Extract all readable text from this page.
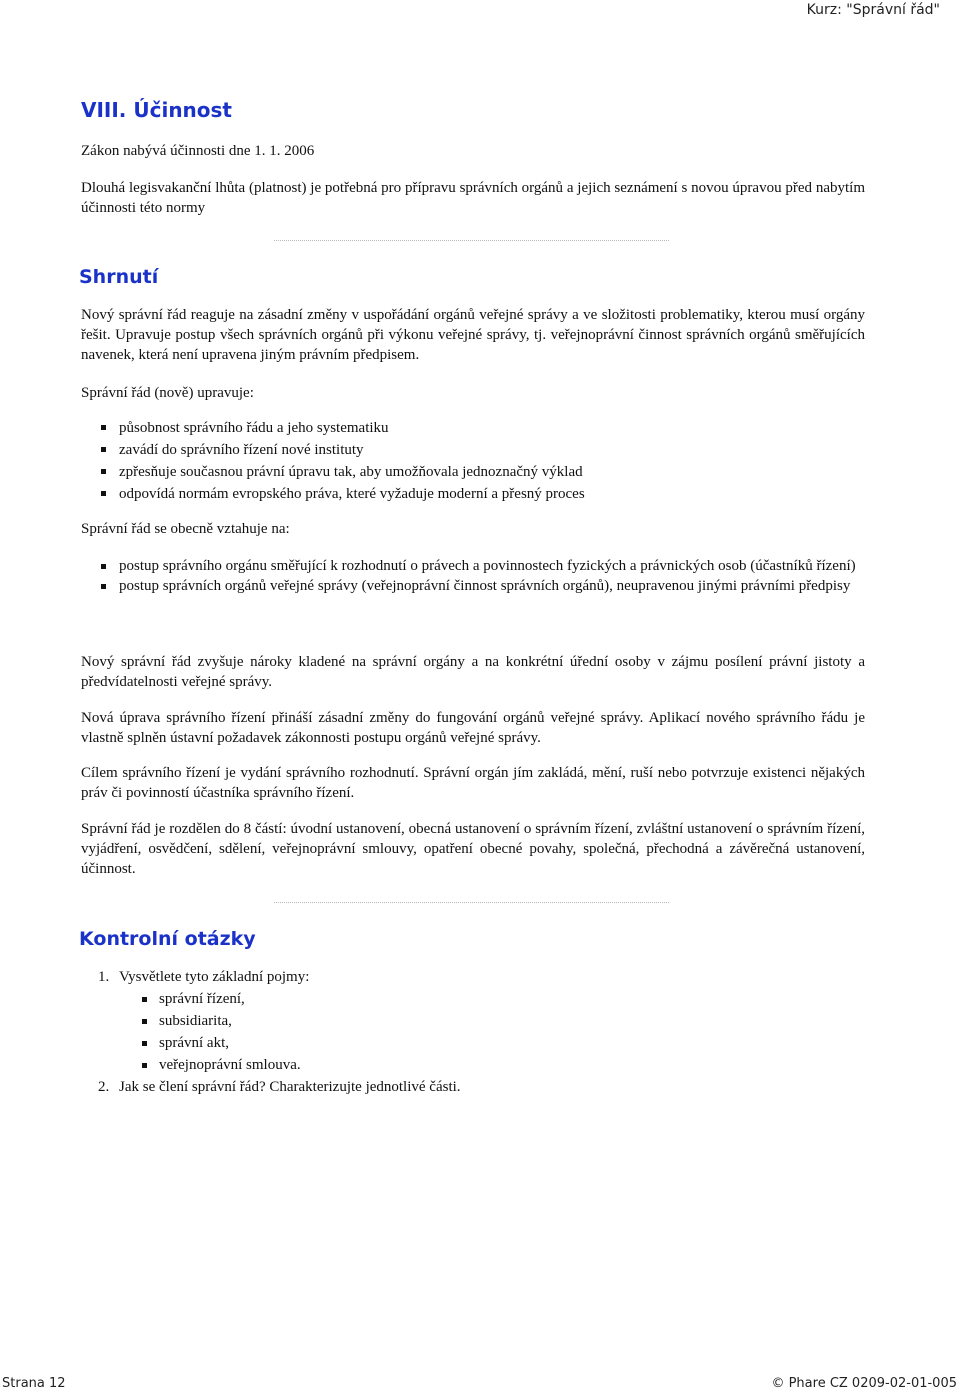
Kurz: "Správní řád"
VIII. Účinnost

Zákon nabývá účinnosti dne 1. 1. 2006

Dlouhá legisvakanční lhůta (platnost) je potřebná pro přípravu správních orgánů a jejich seznámení s novou úpravou před nabytím účinnosti této normy

Shrnutí

Nový správní řád reaguje na zásadní změny v uspořádání orgánů veřejné správy a ve složitosti problematiky, kterou musí orgány řešit. Upravuje postup všech správních orgánů při výkonu veřejné správy, tj. veřejnoprávní činnost správních orgánů směřujících navenek, která není upravena jiným právním předpisem.

Správní řád (nově) upravuje:

působnost správního řádu a jeho systematiku
zavádí do správního řízení nové instituty
zpřesňuje současnou právní úpravu tak, aby umožňovala jednoznačný výklad
odpovídá normám evropského práva, které vyžaduje moderní a přesný proces

Správní řád se obecně vztahuje na:

postup správního orgánu směřující k rozhodnutí o právech a povinnostech fyzických a právnických osob (účastníků řízení)
postup správních orgánů veřejné správy (veřejnoprávní činnost správních orgánů), neupravenou jinými právními předpisy

Nový správní řád zvyšuje nároky kladené na správní orgány a na konkrétní úřední osoby v zájmu posílení právní jistoty a předvídatelnosti veřejné správy.

Nová úprava správního řízení přináší zásadní změny do fungování orgánů veřejné správy. Aplikací nového správního řádu je vlastně splněn ústavní požadavek zákonnosti postupu orgánů veřejné správy.

Cílem správního řízení je vydání správního rozhodnutí. Správní orgán jím zakládá, mění, ruší nebo potvrzuje existenci nějakých práv či povinností účastníka správního řízení.

Správní řád je rozdělen do 8 částí: úvodní ustanovení, obecná ustanovení o správním řízení, zvláštní ustanovení o správním řízení, vyjádření, osvědčení, sdělení, veřejnoprávní smlouvy, opatření obecné povahy, společná, přechodná a závěrečná ustanovení, účinnost.

Kontrolní otázky
1. Vysvětlete tyto základní pojmy:
správní řízení,
subsidiarita,
správní akt,
veřejnoprávní smlouva.
2. Jak se člení správní řád? Charakterizujte jednotlivé části.
Strana 12	© Phare CZ 0209-02-01-005
